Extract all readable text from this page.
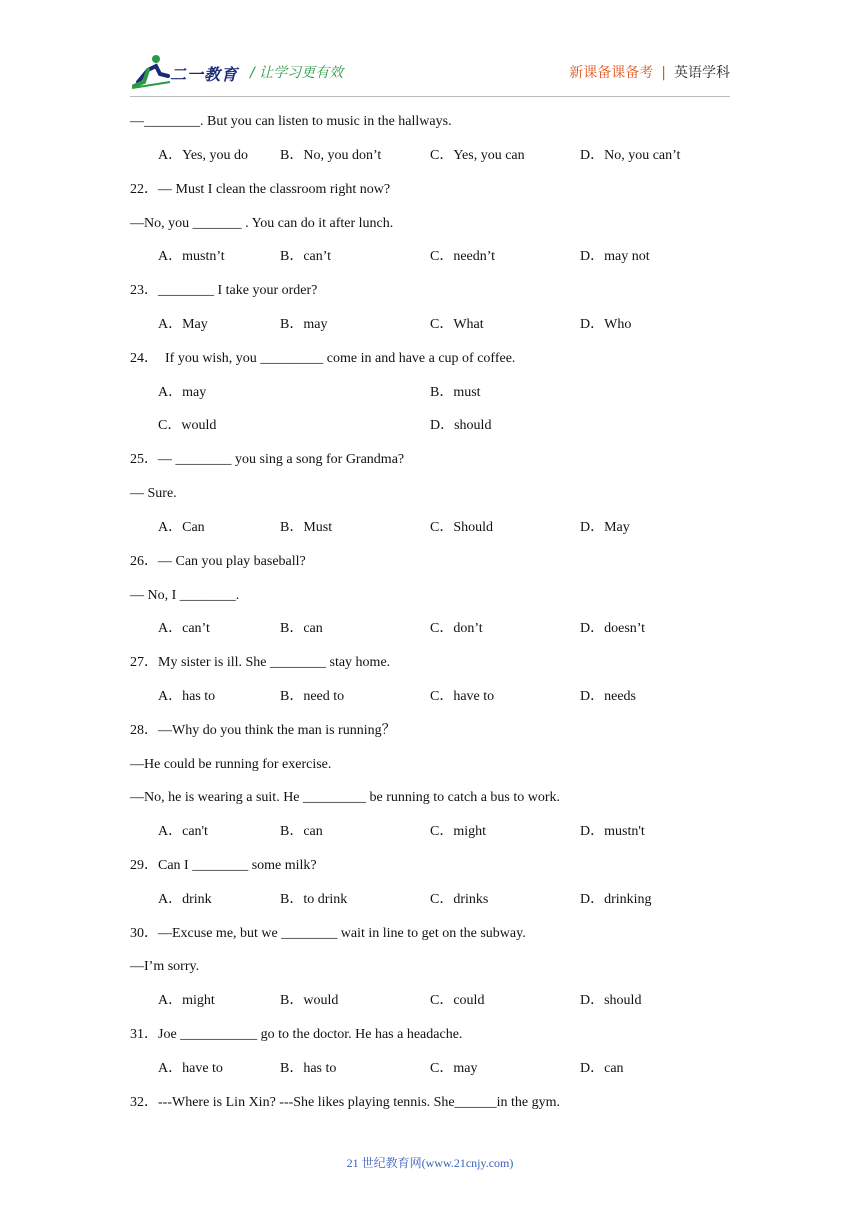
二一教育 / 让学习更有效	新课备课备考 | 英语学科
—________. But you can listen to music in the hallways.
A．Yes, you do B．No, you don’t	C．Yes, you can	D．No, you can’t
22．— Must I clean the classroom right now?
—No, you _______ . You can do it after lunch.
A．mustn’t	B．can’t	C．needn’t	D．may not
23．________ I take your order?
A．May	B．may	C．What	D．Who
24．  If you wish, you _________ come in and have a cup of coffee.
A．may	B．must
C．would	D．should
25．— ________ you sing a song for Grandma?
— Sure.
A．Can	B．Must	C．Should	D．May
26．— Can you play baseball?
— No, I ________.
A．can’t	B．can	C．don’t	D．doesn’t
27．My sister is ill. She ________ stay home.
A．has to	B．need to	C．have to	D．needs
28．—Why do you think the man is running？
—He could be running for exercise.
—No, he is wearing a suit. He _________ be running to catch a bus to work.
A．can't	B．can	C．might	D．mustn't
29．Can I ________ some milk?
A．drink	B．to drink	C．drinks	D．drinking
30．—Excuse me, but we ________ wait in line to get on the subway.
—I’m sorry.
A．might	B．would	C．could	D．should
31．Joe ___________ go to the doctor. He has a headache.
A．have to	B．has to	C．may	D．can
32．---Where is Lin Xin? ---She likes playing tennis. She______in the gym.
21 世纪教育网(www.21cnjy.com)
